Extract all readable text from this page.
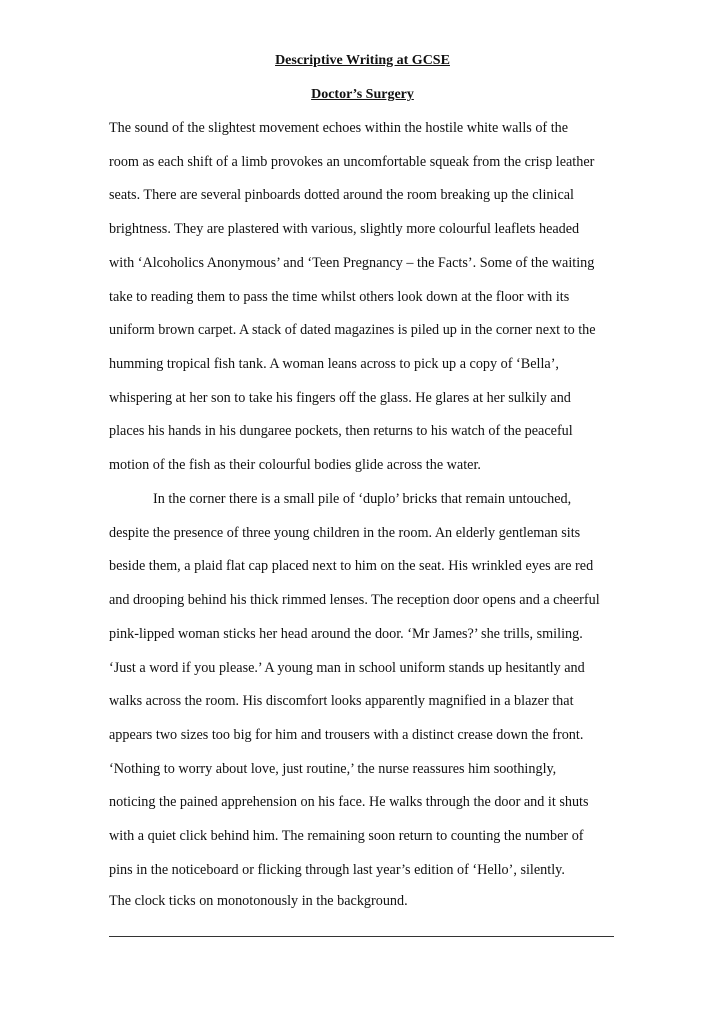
Descriptive Writing at GCSE
Doctor’s Surgery
The sound of the slightest movement echoes within the hostile white walls of the
room as each shift of a limb provokes an uncomfortable squeak from the crisp leather
seats. There are several pinboards dotted around the room breaking up the clinical
brightness. They are plastered with various, slightly more colourful leaflets headed
with ‘Alcoholics Anonymous’ and ‘Teen Pregnancy – the Facts’. Some of the waiting
take to reading them to pass the time whilst others look down at the floor with its
uniform brown carpet. A stack of dated magazines is piled up in the corner next to the
humming tropical fish tank. A woman leans across to pick up a copy of ‘Bella’,
whispering at her son to take his fingers off the glass. He glares at her sulkily and
places his hands in his dungaree pockets, then returns to his watch of the peaceful
motion of the fish as their colourful bodies glide across the water.
In the corner there is a small pile of ‘duplo’ bricks that remain untouched,
despite the presence of three young children in the room. An elderly gentleman sits
beside them, a plaid flat cap placed next to him on the seat. His wrinkled eyes are red
and drooping behind his thick rimmed lenses. The reception door opens and a cheerful
pink-lipped woman sticks her head around the door. ‘Mr James?’ she trills, smiling.
‘Just a word if you please.’ A young man in school uniform stands up hesitantly and
walks across the room. His discomfort looks apparently magnified in a blazer that
appears two sizes too big for him and trousers with a distinct crease down the front.
‘Nothing to worry about love, just routine,’ the nurse reassures him soothingly,
noticing the pained apprehension on his face. He walks through the door and it shuts
with a quiet click behind him. The remaining soon return to counting the number of
pins in the noticeboard or flicking through last year’s edition of ‘Hello’, silently.
The clock ticks on monotonously in the background.
